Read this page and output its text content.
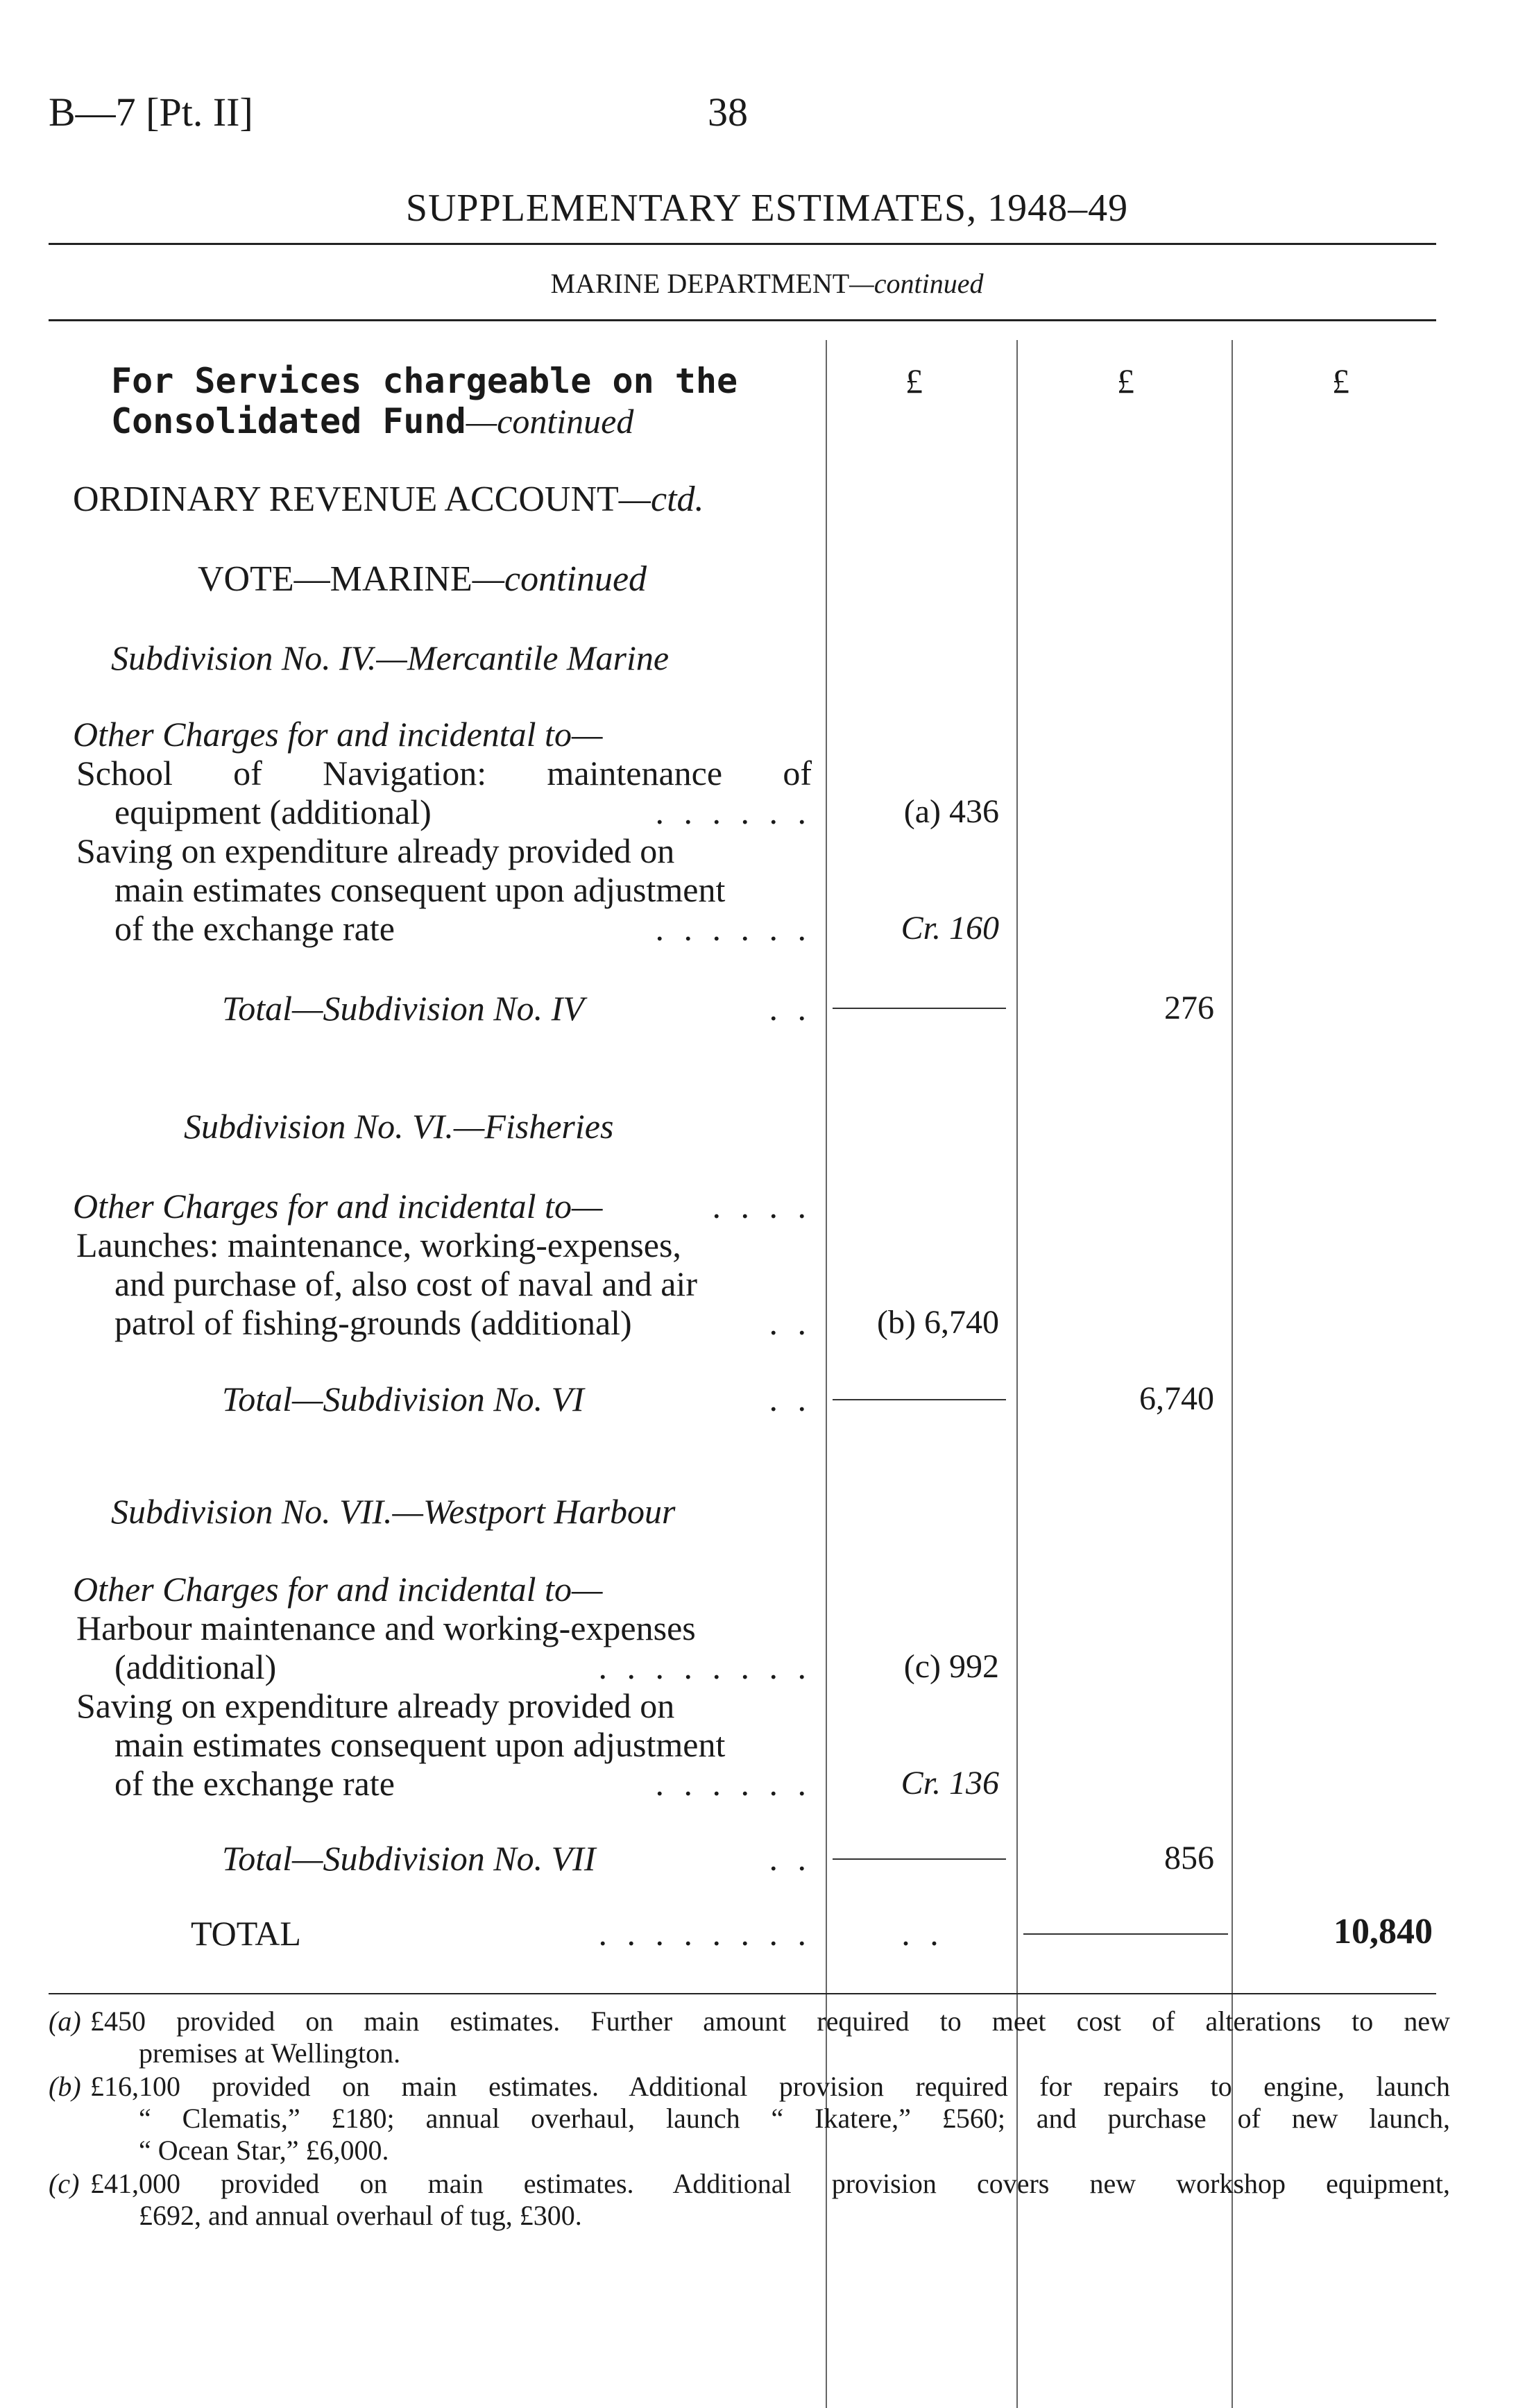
B—7 [Pt. II]	38
SUPPLEMENTARY ESTIMATES, 1948–49
MARINE DEPARTMENT—continued
£	£	£
For Services chargeable on the
Consolidated Fund—continued
ORDINARY REVENUE ACCOUNT—ctd.
VOTE—MARINE—continued
Subdivision No. IV.—Mercantile Marine
Other Charges for and incidental to—
School of Navigation: maintenance of
equipment (additional)	. . . . . .	(a) 436
Saving on expenditure already provided on
main estimates consequent upon adjustment
of the exchange rate	. . . . . .	Cr. 160
Total—Subdivision No. IV	. .	276
Subdivision No. VI.—Fisheries
Other Charges for and incidental to—	. . . .
Launches: maintenance, working-expenses,
and purchase of, also cost of naval and air
patrol of fishing-grounds (additional)	. .	(b) 6,740
Total—Subdivision No. VI	. .	6,740
Subdivision No. VII.—Westport Harbour
Other Charges for and incidental to—
Harbour maintenance and working-expenses
(additional)	. . . . . . . .	(c) 992
Saving on expenditure already provided on
main estimates consequent upon adjustment
of the exchange rate	. . . . . .	Cr. 136
Total—Subdivision No. VII	. .	856
TOTAL	. . . . . . . .	. .	10,840
(a) £450 provided on main estimates. Further amount required to meet cost of alterations to new
premises at Wellington.
(b) £16,100 provided on main estimates. Additional provision required for repairs to engine, launch
“ Clematis,” £180; annual overhaul, launch “ Ikatere,” £560; and purchase of new launch,
“ Ocean Star,” £6,000.
(c) £41,000 provided on main estimates. Additional provision covers new workshop equipment,
£692, and annual overhaul of tug, £300.
